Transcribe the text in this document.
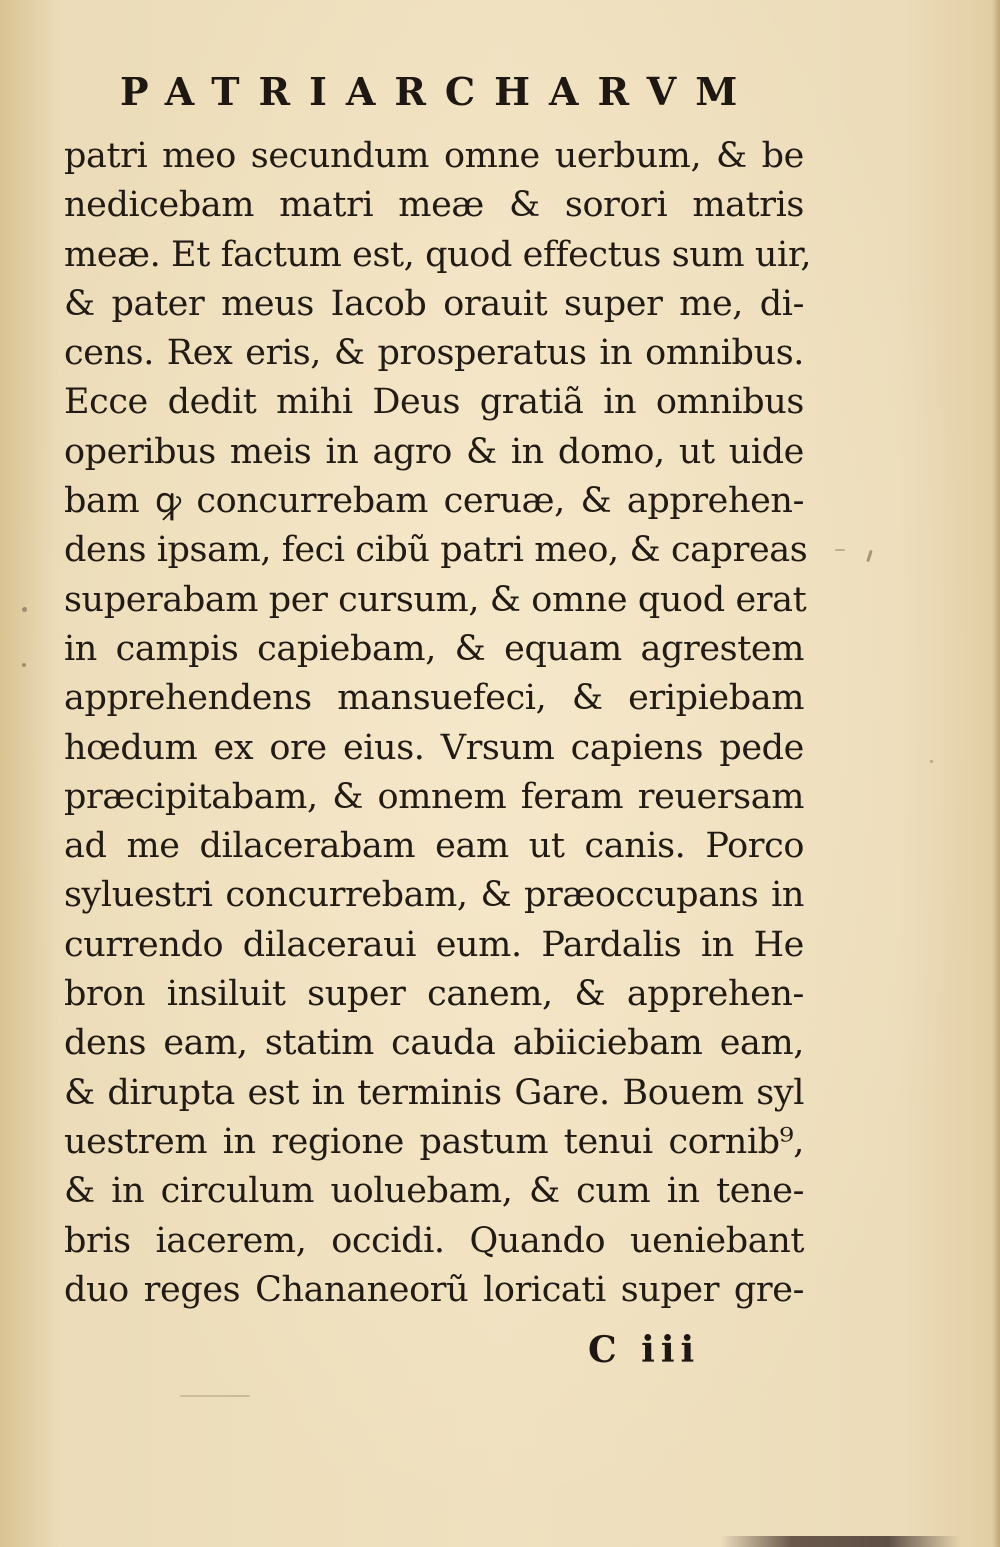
PATRIARCHARVM
patri meo secundum omne uerbum, & be
nedicebam matri meæ & sorori matris
meæ. Et factum est, quod effectus sum uir,
& pater meus Iacob orauit super me, di-
cens. Rex eris, & prosperatus in omnibus.
Ecce dedit mihi Deus gratiã in omnibus
operibus meis in agro & in domo, ut uide
bam ꝙ concurrebam ceruæ, & apprehen-
dens ipsam, feci cibũ patri meo, & capreas
superabam per cursum, & omne quod erat
in campis capiebam, & equam agrestem
apprehendens mansuefeci, & eripiebam
hœdum ex ore eius. Vrsum capiens pede
præcipitabam, & omnem feram reuersam
ad me dilacerabam eam ut canis. Porco
syluestri concurrebam, & præoccupans in
currendo dilaceraui eum. Pardalis in He
bron insiluit super canem, & apprehen-
dens eam, statim cauda abiiciebam eam,
& dirupta est in terminis Gare. Bouem syl
uestrem in regione pastum tenui cornib⁹,
& in circulum uoluebam, & cum in tene-
bris iacerem, occidi. Quando ueniebant
duo reges Chananeorũ loricati super gre-

C iii
